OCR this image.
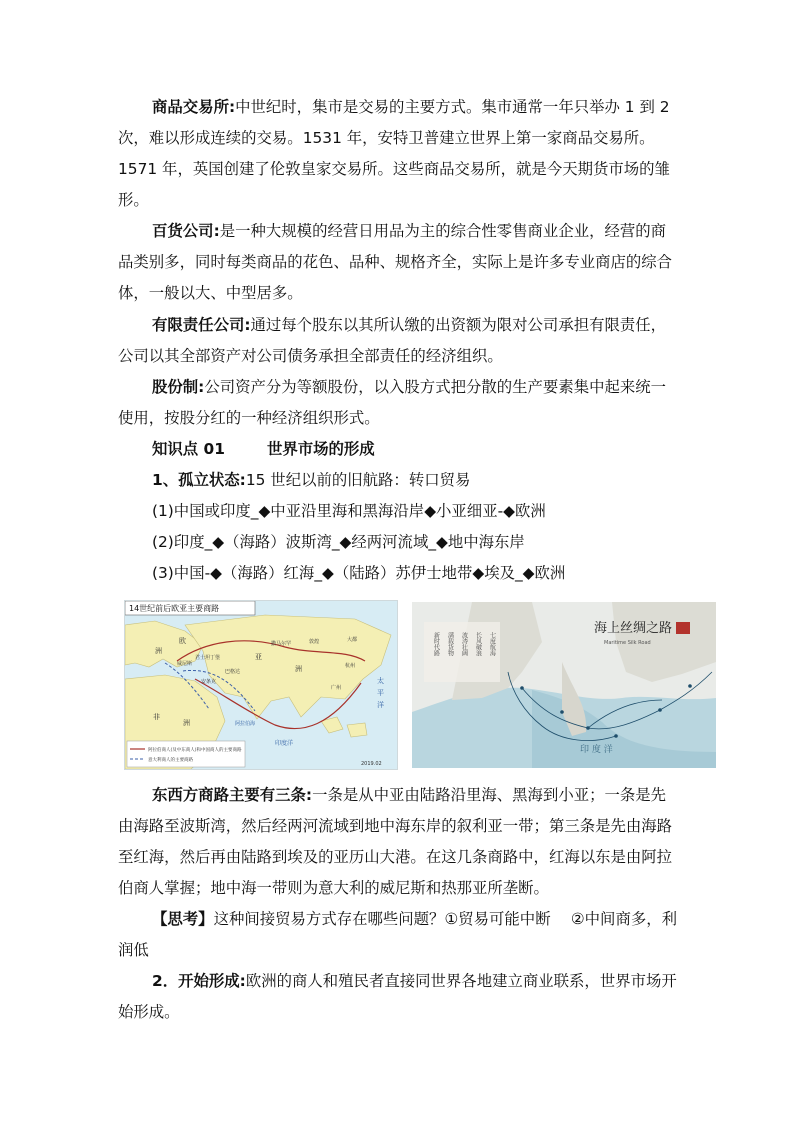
商品交易所:中世纪时，集市是交易的主要方式。集市通常一年只举办 1 到 2 次，难以形成连续的交易。1531 年，安特卫普建立世界上第一家商品交易所。1571 年，英国创建了伦敦皇家交易所。这些商品交易所，就是今天期货市场的雏形。

百货公司:是一种大规模的经营日用品为主的综合性零售商业企业，经营的商品类别多，同时每类商品的花色、品种、规格齐全，实际上是许多专业商店的综合体，一般以大、中型居多。

有限责任公司:通过每个股东以其所认缴的出资额为限对公司承担有限责任，公司以其全部资产对公司债务承担全部责任的经济组织。

股份制:公司资产分为等额股份，以入股方式把分散的生产要素集中起来统一使用，按股分红的一种经济组织形式。

知识点 01	世界市场的形成
1、孤立状态:15 世纪以前的旧航路：转口贸易
(1)中国或印度_◆中亚沿里海和黑海沿岸◆小亚细亚-◆欧洲
(2)印度_◆（海路）波斯湾_◆经两河流域_◆地中海东岸
(3)中国-◆（海路）红海_◆（陆路）苏伊士地带◆埃及_◆欧洲
欧
洲
非
洲
亚
洲
太
平
洋
威尼斯
君士坦丁堡
安条克
巴格达
撒马尔罕	敦煌	大都
杭州
广州
印度洋
阿拉伯海
14世纪前后欧亚主要商路
阿拉伯商人(及中东商人)和中国商人的主要商路
意大利商人的主要商路
2019.02
七度航海
长风破浪
波涛壮阔
满载货物
新时代路
海上丝绸之路
Maritime Silk Road
印 度 洋

东西方商路主要有三条:一条是从中亚由陆路沿里海、黑海到小亚；一条是先由海路至波斯湾，然后经两河流域到地中海东岸的叙利亚一带；第三条是先由海路至红海，然后再由陆路到埃及的亚历山大港。在这几条商路中，红海以东是由阿拉伯商人掌握；地中海一带则为意大利的威尼斯和热那亚所垄断。

【思考】这种间接贸易方式存在哪些问题？①贸易可能中断　 ②中间商多，利润低

2．开始形成:欧洲的商人和殖民者直接同世界各地建立商业联系，世界市场开始形成。
